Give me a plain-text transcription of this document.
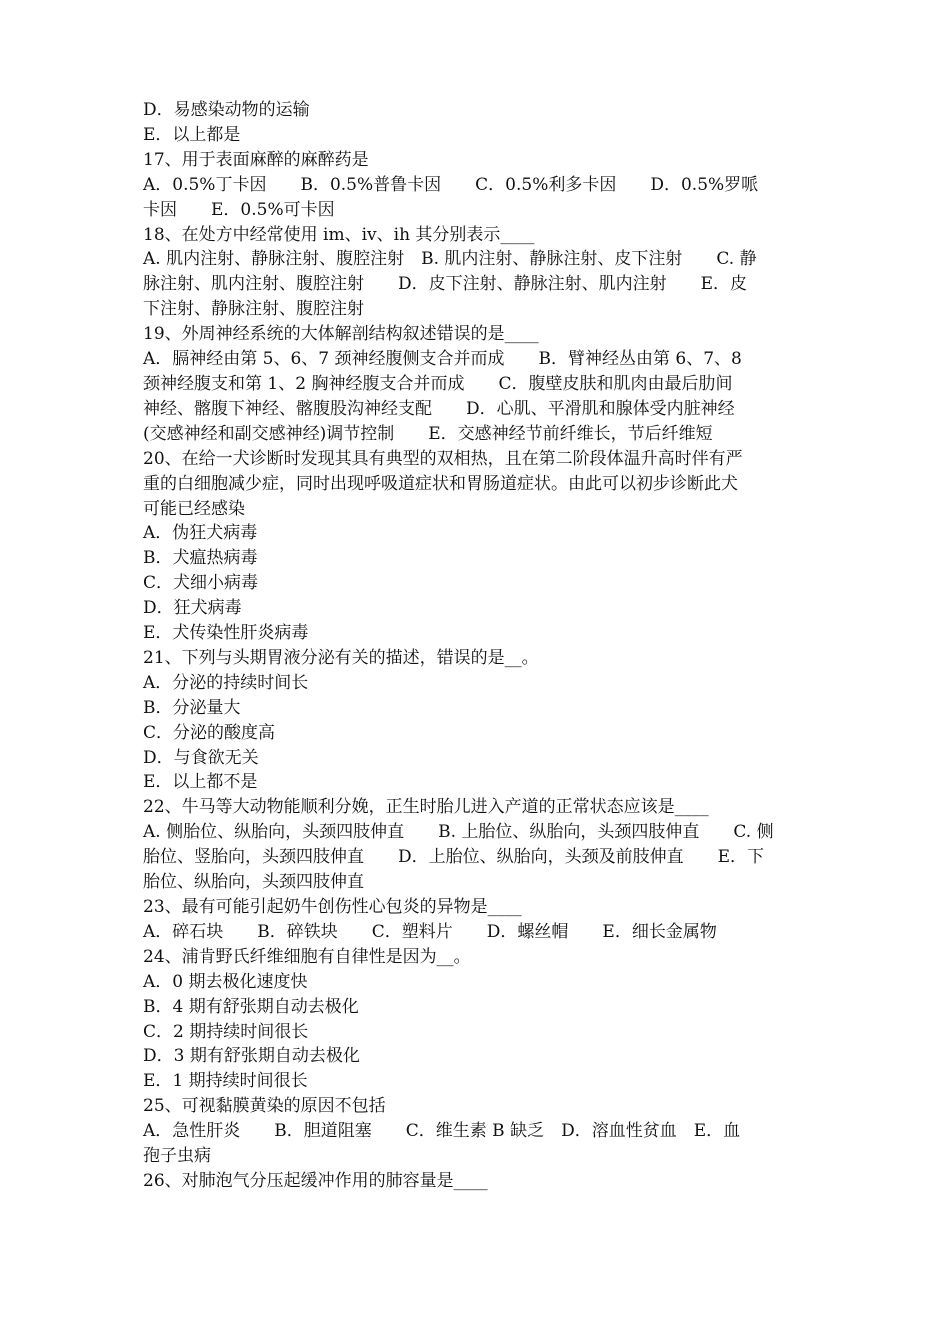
D．易感染动物的运输
E．以上都是
17、用于表面麻醉的麻醉药是
A．0.5%丁卡因　　B．0.5%普鲁卡因　　C．0.5%利多卡因　　D．0.5%罗哌
卡因　　E．0.5%可卡因
18、在处方中经常使用 im、iv、ih 其分别表示____
A. 肌内注射、静脉注射、腹腔注射　B. 肌内注射、静脉注射、皮下注射　　C. 静
脉注射、肌内注射、腹腔注射　　D．皮下注射、静脉注射、肌内注射　　E．皮
下注射、静脉注射、腹腔注射
19、外周神经系统的大体解剖结构叙述错误的是____
A．膈神经由第 5、6、7 颈神经腹侧支合并而成　　B．臂神经丛由第 6、7、8
颈神经腹支和第 1、2 胸神经腹支合并而成　　C．腹壁皮肤和肌肉由最后肋间
神经、髂腹下神经、髂腹股沟神经支配　　D．心肌、平滑肌和腺体受内脏神经
(交感神经和副交感神经)调节控制　　E．交感神经节前纤维长，节后纤维短
20、在给一犬诊断时发现其具有典型的双相热，且在第二阶段体温升高时伴有严
重的白细胞减少症，同时出现呼吸道症状和胃肠道症状。由此可以初步诊断此犬
可能已经感染
A．伪狂犬病毒
B．犬瘟热病毒
C．犬细小病毒
D．狂犬病毒
E．犬传染性肝炎病毒
21、下列与头期胃液分泌有关的描述，错误的是__。
A．分泌的持续时间长
B．分泌量大
C．分泌的酸度高
D．与食欲无关
E．以上都不是
22、牛马等大动物能顺利分娩，正生时胎儿进入产道的正常状态应该是____
A. 侧胎位、纵胎向，头颈四肢伸直　　B. 上胎位、纵胎向，头颈四肢伸直　　C. 侧
胎位、竖胎向，头颈四肢伸直　　D．上胎位、纵胎向，头颈及前肢伸直　　E．下
胎位、纵胎向，头颈四肢伸直
23、最有可能引起奶牛创伤性心包炎的异物是____
A．碎石块　　B．碎铁块　　C．塑料片　　D．螺丝帽　　E．细长金属物
24、浦肯野氏纤维细胞有自律性是因为__。
A．0 期去极化速度快
B．4 期有舒张期自动去极化
C．2 期持续时间很长
D．3 期有舒张期自动去极化
E．1 期持续时间很长
25、可视黏膜黄染的原因不包括
A．急性肝炎　　B．胆道阻塞　　C．维生素 B 缺乏　D．溶血性贫血　E．血
孢子虫病
26、对肺泡气分压起缓冲作用的肺容量是____
